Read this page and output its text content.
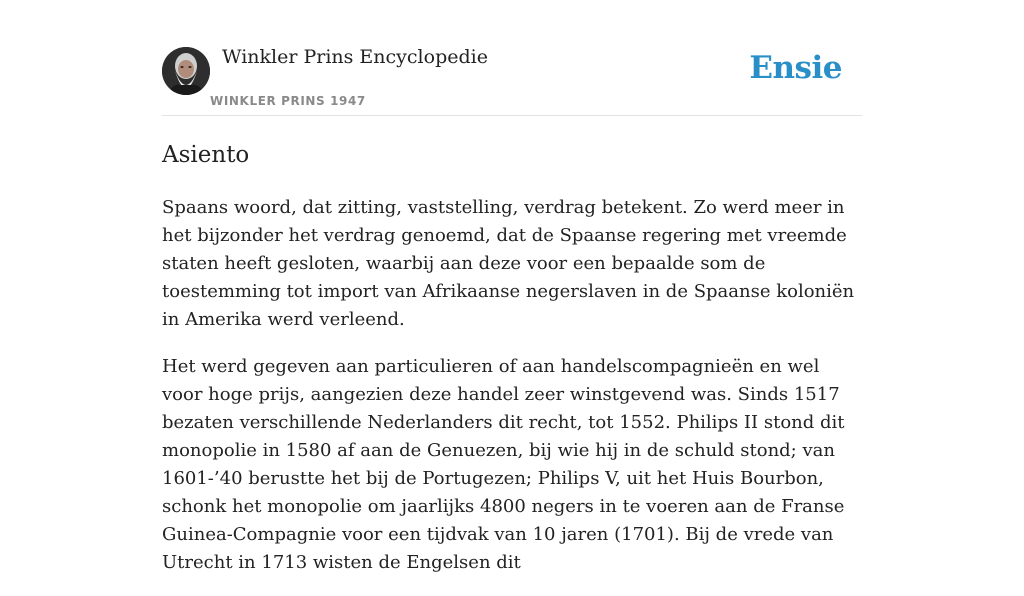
Winkler Prins Encyclopedie
WINKLER PRINS 1947
Ensie
Asiento

Spaans woord, dat zitting, vaststelling, verdrag betekent. Zo werd meer in het bijzonder het verdrag genoemd, dat de Spaanse regering met vreemde staten heeft gesloten, waarbij aan deze voor een bepaalde som de toestemming tot import van Afrikaanse negerslaven in de Spaanse koloniën in Amerika werd verleend.

Het werd gegeven aan particulieren of aan handelscompagnieën en wel voor hoge prijs, aangezien deze handel zeer winstgevend was. Sinds 1517 bezaten verschillende Nederlanders dit recht, tot 1552. Philips II stond dit monopolie in 1580 af aan de Genuezen, bij wie hij in de schuld stond; van 1601-’40 berustte het bij de Portugezen; Philips V, uit het Huis Bourbon, schonk het monopolie om jaarlijks 4800 negers in te voeren aan de Franse Guinea-Compagnie voor een tijdvak van 10 jaren (1701). Bij de vrede van Utrecht in 1713 wisten de Engelsen dit
